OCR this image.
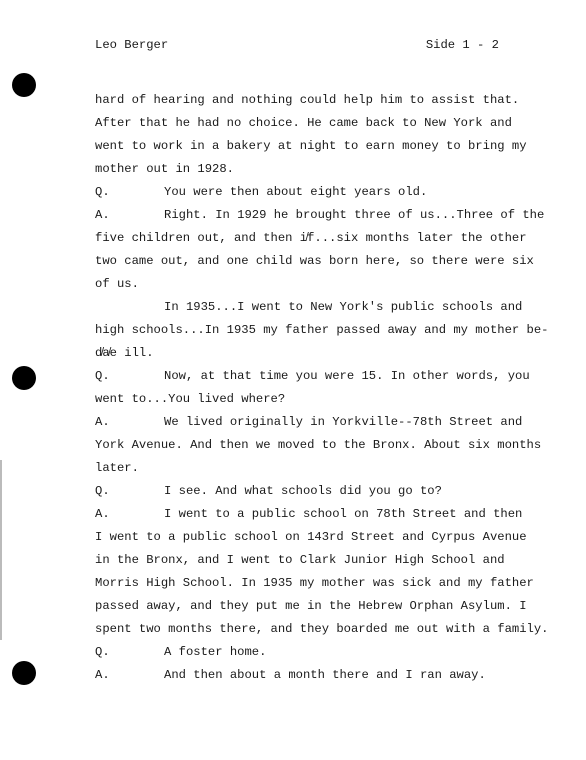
Leo Berger	Side 1 - 2
hard of hearing and nothing could help him to assist that.
After that he had no choice. He came back to New York and
went to work in a bakery at night to earn money to bring my
mother out in 1928.
Q.	You were then about eight years old.
A.	Right. In 1929 he brought three of us...Three of the
five children out, and then i̸f...six months later the other
two came out, and one child was born here, so there were six
of us.
In 1935...I went to New York's public schools and
high schools...In 1935 my father passed away and my mother be-
d̸a̸e ill.
Q.	Now, at that time you were 15. In other words, you
went to...You lived where?
A.	We lived originally in Yorkville--78th Street and
York Avenue. And then we moved to the Bronx. About six months
later.
Q.	I see. And what schools did you go to?
A.	I went to a public school on 78th Street and then
I went to a public school on 143rd Street and Cyrpus Avenue
in the Bronx, and I went to Clark Junior High School and
Morris High School. In 1935 my mother was sick and my father
passed away, and they put me in the Hebrew Orphan Asylum. I
spent two months there, and they boarded me out with a family.
Q.	A foster home.
A.	And then about a month there and I ran away.
